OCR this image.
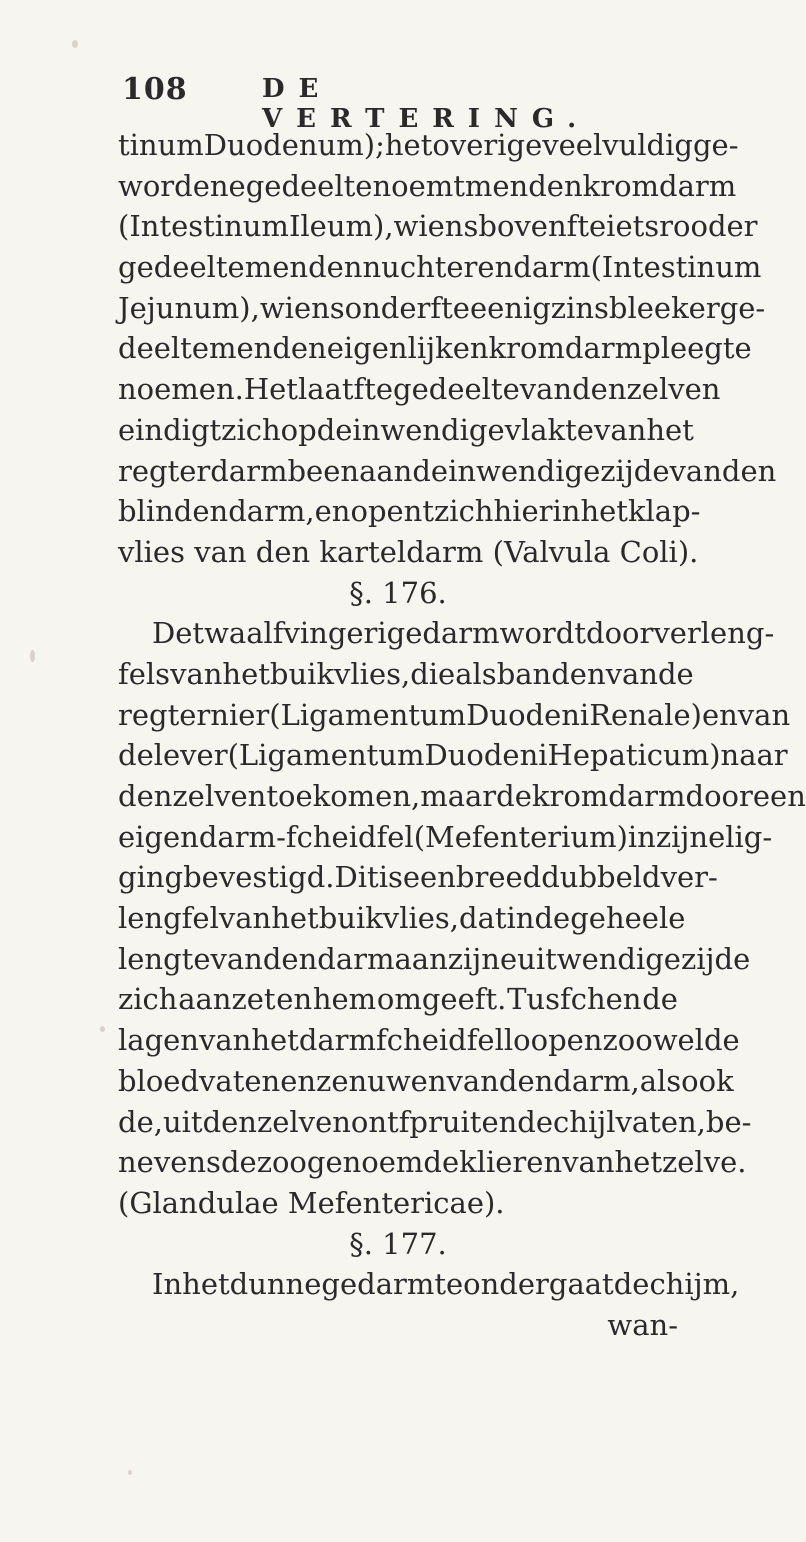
108	DE VERTERING.
tinum Duodenum); het overige veelvuldig ge-
wordene gedeelte noemt men den kromdarm
(Intestinum Ileum), wiens bovenfte iets rooder
gedeelte men den nuchteren darm (Intestinum
Jejunum), wiens onderfte eenigzins bleeker ge-
deelte men den eigenlijken kromdarm pleeg te
noemen. Het laatfte gedeelte van denzelven
eindigt zich op de inwendige vlakte van het
regter darmbeen aan de inwendige zijde van den
blinden darm, en opent zich hier in het klap-
vlies van den karteldarm (Valvula Coli).
§. 176.
De twaalfvingerige darm wordt door verleng-
fels van het buikvlies, die als banden van de
regter nier (Ligamentum Duodeni Renale) en van
de lever (Ligamentum Duodeni Hepaticum) naar
denzelven toekomen, maar de kromdarm door een
eigendarm - fcheidfel (Mefenterium) in zijne lig-
ging bevestigd. Dit is een breed dubbeld ver-
lengfel van het buikvlies, dat in de geheele
lengte van den darm aan zijne uitwendige zijde
zich aanzet en hem omgeeft. Tusfchen de
lagen van het darmfcheidfel loopen zoo wel de
bloedvaten en zenuwen van den darm, als ook
de, uit denzelven ontfpruitende chijlvaten, be-
nevens de zoogenoemde klieren van hetzelve.
(Glandulae Mefentericae).
§. 177.
In het dunne gedarmte ondergaat de chijm,
wan-
